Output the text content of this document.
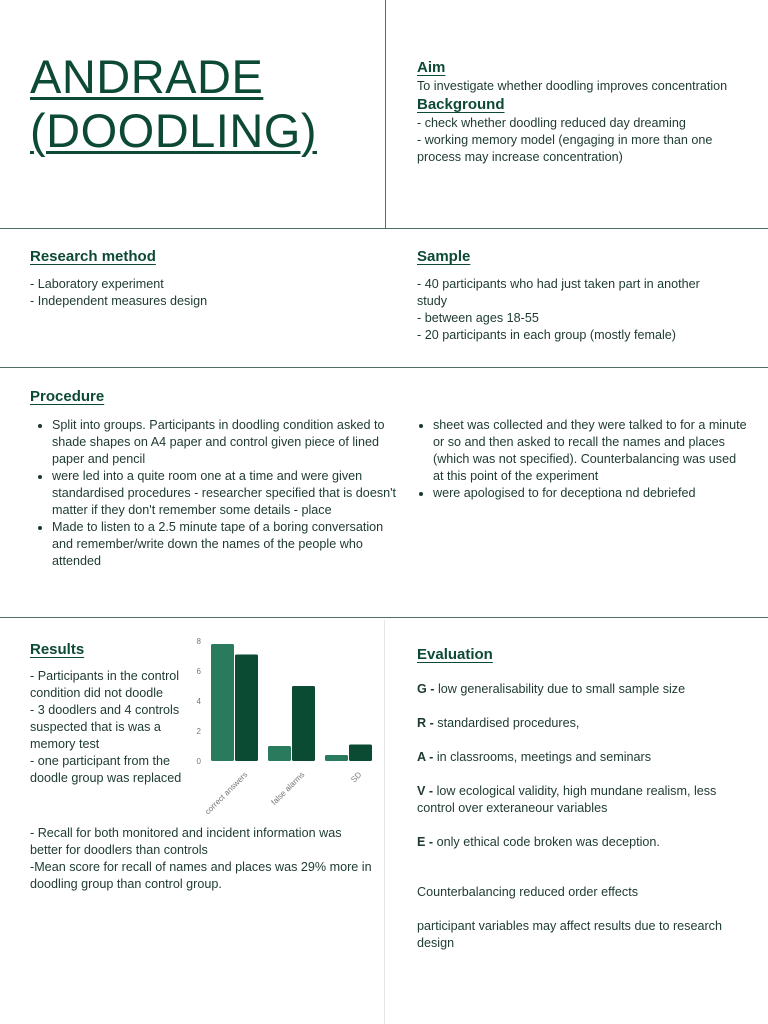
ANDRADE
(DOODLING)
Aim

To investigate whether doodling improves concentration

Background

- check whether doodling reduced day dreaming

- working memory model (engaging in more than one process may increase concentration)

Research method

- Laboratory experiment

- Independent measures design

Sample

- 40 participants who had just taken part in another study

- between ages 18-55

- 20 participants in each group (mostly female)

Procedure
• Split into groups. Participants in doodling condition asked to shade shapes on A4 paper and control given piece of lined paper and pencil
• were led into a quite room one at a time and were given standardised procedures - researcher specified that is doesn't matter if they don't remember some details - place
• Made to listen to a 2.5 minute tape of a boring conversation and remember/write down the names of the people who attended
• sheet was collected and they were talked to for a minute or so and then asked to recall the names and places (which was not specified). Counterbalancing was used at this point of the experiment
• were apologised to for deceptiona nd debriefed
Results

- Participants in the control condition did not doodle

- 3 doodlers and 4 controls suspected that is was a memory test

- one participant from the doodle group was replaced

- Recall for both monitored and incident information was better for doodlers than controls

-Mean score for recall of names and places was 29% more in doodling group than control group.

0
2
4
6
8
correct answers	false alarms	SD
Evaluation

G - low generalisability due to small sample size

R - standardised procedures,

A - in classrooms, meetings and seminars

V - low ecological validity, high mundane realism, less control over exteraneour variables

E - only ethical code broken was deception.

Counterbalancing reduced order effects

participant variables may affect results due to research design
